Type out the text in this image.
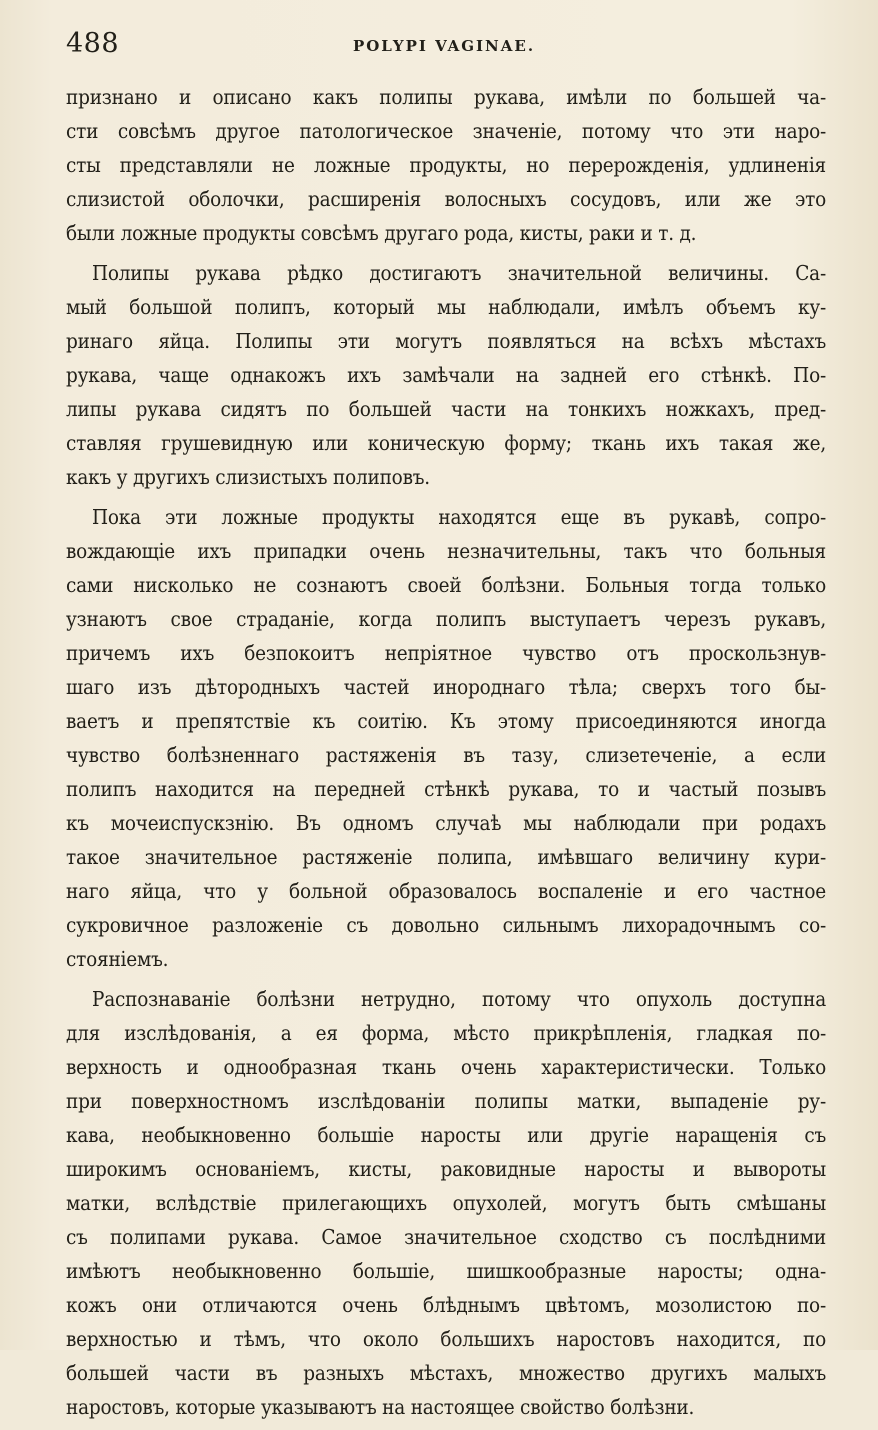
488	POLYPI VAGINAE.
признано и описано какъ полипы рукава, имѣли по большей ча-
сти совсѣмъ другое патологическое значенiе, потому что эти наро-
сты представляли не ложные продукты, но перерожденiя, удлиненiя
слизистой оболочки, расширенiя волосныхъ сосудовъ, или же это
были ложные продукты совсѣмъ другаго рода, кисты, раки и т. д.
Полипы рукава рѣдко достигаютъ значительной величины. Са-
мый большой полипъ, который мы наблюдали, имѣлъ объемъ ку-
ринаго яйца. Полипы эти могутъ появляться на всѣхъ мѣстахъ
рукава, чаще однакожъ ихъ замѣчали на задней его стѣнкѣ. По-
липы рукава сидятъ по большей части на тонкихъ ножкахъ, пред-
ставляя грушевидную или коническую форму; ткань ихъ такая же,
какъ у другихъ слизистыхъ полиповъ.
Пока эти ложные продукты находятся еще въ рукавѣ, сопро-
вождающiе ихъ припадки очень незначительны, такъ что больныя
сами нисколько не сознаютъ своей болѣзни. Больныя тогда только
узнаютъ свое страданiе, когда полипъ выступаетъ черезъ рукавъ,
причемъ ихъ безпокоитъ непрiятное чувство отъ проскользнув-
шаго изъ дѣтородныхъ частей инороднаго тѣла; сверхъ того бы-
ваетъ и препятствiе къ соитiю. Къ этому присоединяются иногда
чувство болѣзненнаго растяженiя въ тазу, слизетеченiе, а если
полипъ находится на передней стѣнкѣ рукава, то и частый позывъ
къ мочеиспускзнiю. Въ одномъ случаѣ мы наблюдали при родахъ
такое значительное растяженiе полипа, имѣвшаго величину кури-
наго яйца, что у больной образовалось воспаленiе и его частное
сукровичное разложенiе съ довольно сильнымъ лихорадочнымъ со-
стоянiемъ.
Распознаванiе болѣзни нетрудно, потому что опухоль доступна
для изслѣдованiя, а ея форма, мѣсто прикрѣпленiя, гладкая по-
верхность и однообразная ткань очень характеристически. Только
при поверхностномъ изслѣдованiи полипы матки, выпаденiе ру-
кава, необыкновенно большiе наросты или другiе наращенiя съ
широкимъ основанiемъ, кисты, раковидные наросты и вывороты
матки, вслѣдствiе прилегающихъ опухолей, могутъ быть смѣшаны
съ полипами рукава. Самое значительное сходство съ послѣдними
имѣютъ необыкновенно большiе, шишкообразные наросты; одна-
кожъ они отличаются очень блѣднымъ цвѣтомъ, мозолистою по-
верхностью и тѣмъ, что около большихъ наростовъ находится, по
большей части въ разныхъ мѣстахъ, множество другихъ малыхъ
наростовъ, которые указываютъ на настоящее свойство болѣзни.
